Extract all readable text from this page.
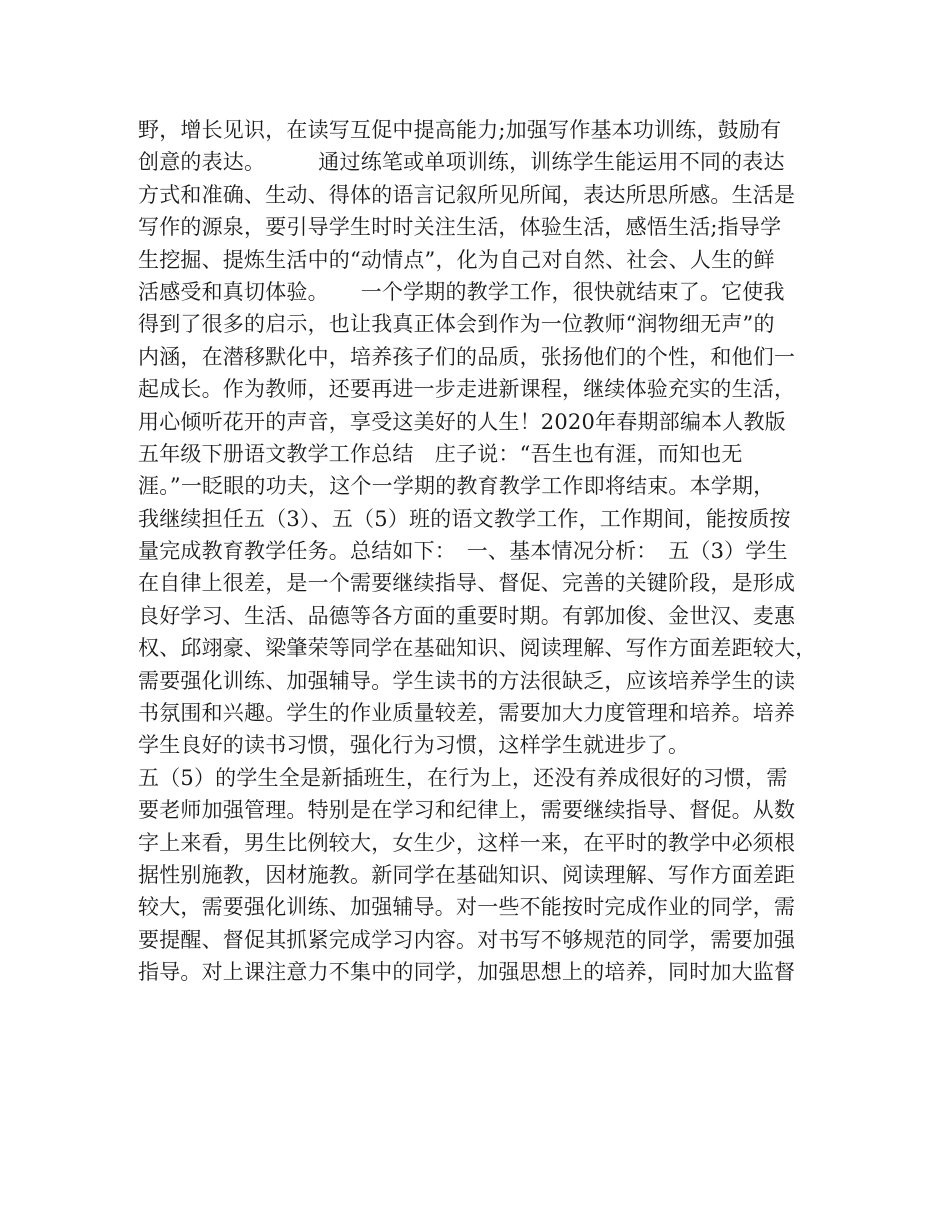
野，增长见识，在读写互促中提高能力;加强写作基本功训练，鼓励有
创意的表达。　　　通过练笔或单项训练，训练学生能运用不同的表达
方式和准确、生动、得体的语言记叙所见所闻，表达所思所感。生活是
写作的源泉，要引导学生时时关注生活，体验生活，感悟生活;指导学
生挖掘、提炼生活中的“动情点”，化为自己对自然、社会、人生的鲜
活感受和真切体验。　　一个学期的教学工作，很快就结束了。它使我
得到了很多的启示，也让我真正体会到作为一位教师“润物细无声”的
内涵，在潜移默化中，培养孩子们的品质，张扬他们的个性，和他们一
起成长。作为教师，还要再进一步走进新课程，继续体验充实的生活，
用心倾听花开的声音，享受这美好的人生！2020年春期部编本人教版
五年级下册语文教学工作总结　庄子说：“吾生也有涯，而知也无
涯。”一眨眼的功夫，这个一学期的教育教学工作即将结束。本学期，
我继续担任五（3）、五（5）班的语文教学工作，工作期间，能按质按
量完成教育教学任务。总结如下：　一、基本情况分析：　五（3）学生
在自律上很差，是一个需要继续指导、督促、完善的关键阶段，是形成
良好学习、生活、品德等各方面的重要时期。有郭加俊、金世汉、麦惠
权、邱翊豪、梁肇荣等同学在基础知识、阅读理解、写作方面差距较大，
需要强化训练、加强辅导。学生读书的方法很缺乏，应该培养学生的读
书氛围和兴趣。学生的作业质量较差，需要加大力度管理和培养。培养
学生良好的读书习惯，强化行为习惯，这样学生就进步了。
五（5）的学生全是新插班生，在行为上，还没有养成很好的习惯，需
要老师加强管理。特别是在学习和纪律上，需要继续指导、督促。从数
字上来看，男生比例较大，女生少，这样一来，在平时的教学中必须根
据性别施教，因材施教。新同学在基础知识、阅读理解、写作方面差距
较大，需要强化训练、加强辅导。对一些不能按时完成作业的同学，需
要提醒、督促其抓紧完成学习内容。对书写不够规范的同学，需要加强
指导。对上课注意力不集中的同学，加强思想上的培养，同时加大监督
